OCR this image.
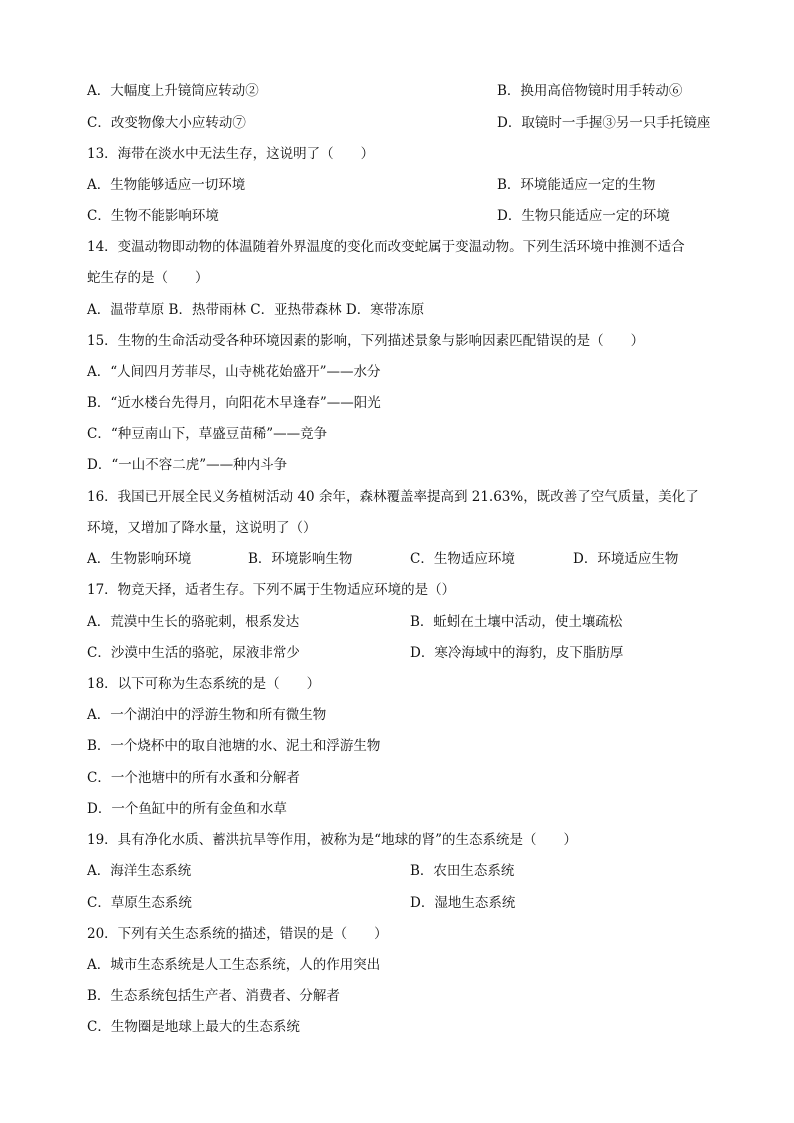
A．大幅度上升镜筒应转动②	B．换用高倍物镜时用手转动⑥
C．改变物像大小应转动⑦	D．取镜时一手握③另一只手托镜座
13．海带在淡水中无法生存，这说明了（　　）
A．生物能够适应一切环境	B．环境能适应一定的生物
C．生物不能影响环境	D．生物只能适应一定的环境
14．变温动物即动物的体温随着外界温度的变化而改变蛇属于变温动物。下列生活环境中推测不适合
蛇生存的是（　　）
A．温带草原 B．热带雨林 C．亚热带森林 D．寒带冻原
15．生物的生命活动受各种环境因素的影响，下列描述景象与影响因素匹配错误的是（　　）
A．“人间四月芳菲尽，山寺桃花始盛开”——水分
B．“近水楼台先得月，向阳花木早逢春”——阳光
C．“种豆南山下，草盛豆苗稀”——竞争
D．“一山不容二虎”——种内斗争
16．我国已开展全民义务植树活动 40 余年，森林覆盖率提高到 21.63%，既改善了空气质量，美化了
环境，又增加了降水量，这说明了（）
A．生物影响环境	B．环境影响生物	C．生物适应环境	D．环境适应生物
17．物竞天择，适者生存。下列不属于生物适应环境的是（）
A．荒漠中生长的骆驼刺，根系发达	B．蚯蚓在土壤中活动，使土壤疏松
C．沙漠中生活的骆驼，尿液非常少	D．寒冷海域中的海豹，皮下脂肪厚
18．以下可称为生态系统的是（　　）
A．一个湖泊中的浮游生物和所有微生物
B．一个烧杯中的取自池塘的水、泥土和浮游生物
C．一个池塘中的所有水蚤和分解者
D．一个鱼缸中的所有金鱼和水草
19．具有净化水质、蓄洪抗旱等作用，被称为是“地球的肾”的生态系统是（　　）
A．海洋生态系统	B．农田生态系统
C．草原生态系统	D．湿地生态系统
20．下列有关生态系统的描述，错误的是（　　）
A．城市生态系统是人工生态系统，人的作用突出
B．生态系统包括生产者、消费者、分解者
C．生物圈是地球上最大的生态系统
